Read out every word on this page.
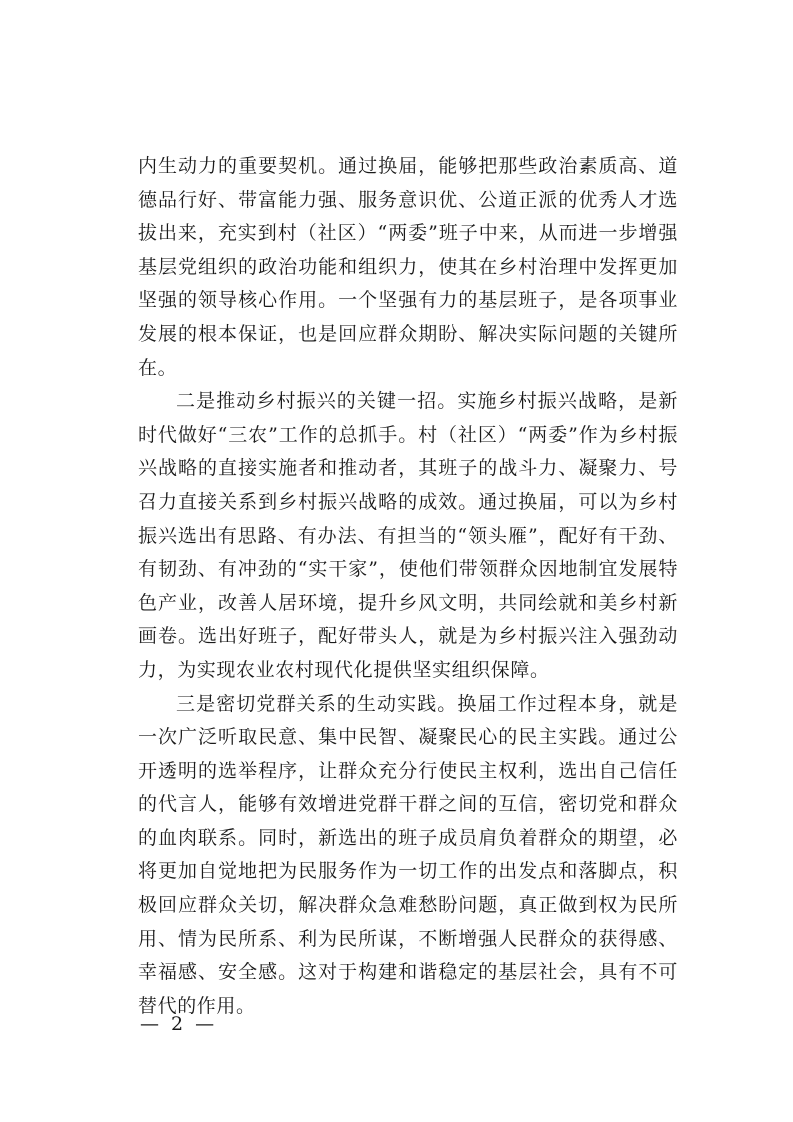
内生动力的重要契机。通过换届，能够把那些政治素质高、道德品行好、带富能力强、服务意识优、公道正派的优秀人才选拔出来，充实到村（社区）“两委”班子中来，从而进一步增强基层党组织的政治功能和组织力，使其在乡村治理中发挥更加坚强的领导核心作用。一个坚强有力的基层班子，是各项事业发展的根本保证，也是回应群众期盼、解决实际问题的关键所在。

二是推动乡村振兴的关键一招。实施乡村振兴战略，是新时代做好“三农”工作的总抓手。村（社区）“两委”作为乡村振兴战略的直接实施者和推动者，其班子的战斗力、凝聚力、号召力直接关系到乡村振兴战略的成效。通过换届，可以为乡村振兴选出有思路、有办法、有担当的“领头雁”，配好有干劲、有韧劲、有冲劲的“实干家”，使他们带领群众因地制宜发展特色产业，改善人居环境，提升乡风文明，共同绘就和美乡村新画卷。选出好班子，配好带头人，就是为乡村振兴注入强劲动力，为实现农业农村现代化提供坚实组织保障。

三是密切党群关系的生动实践。换届工作过程本身，就是一次广泛听取民意、集中民智、凝聚民心的民主实践。通过公开透明的选举程序，让群众充分行使民主权利，选出自己信任的代言人，能够有效增进党群干群之间的互信，密切党和群众的血肉联系。同时，新选出的班子成员肩负着群众的期望，必将更加自觉地把为民服务作为一切工作的出发点和落脚点，积极回应群众关切，解决群众急难愁盼问题，真正做到权为民所用、情为民所系、利为民所谋，不断增强人民群众的获得感、幸福感、安全感。这对于构建和谐稳定的基层社会，具有不可替代的作用。

— 2 —
